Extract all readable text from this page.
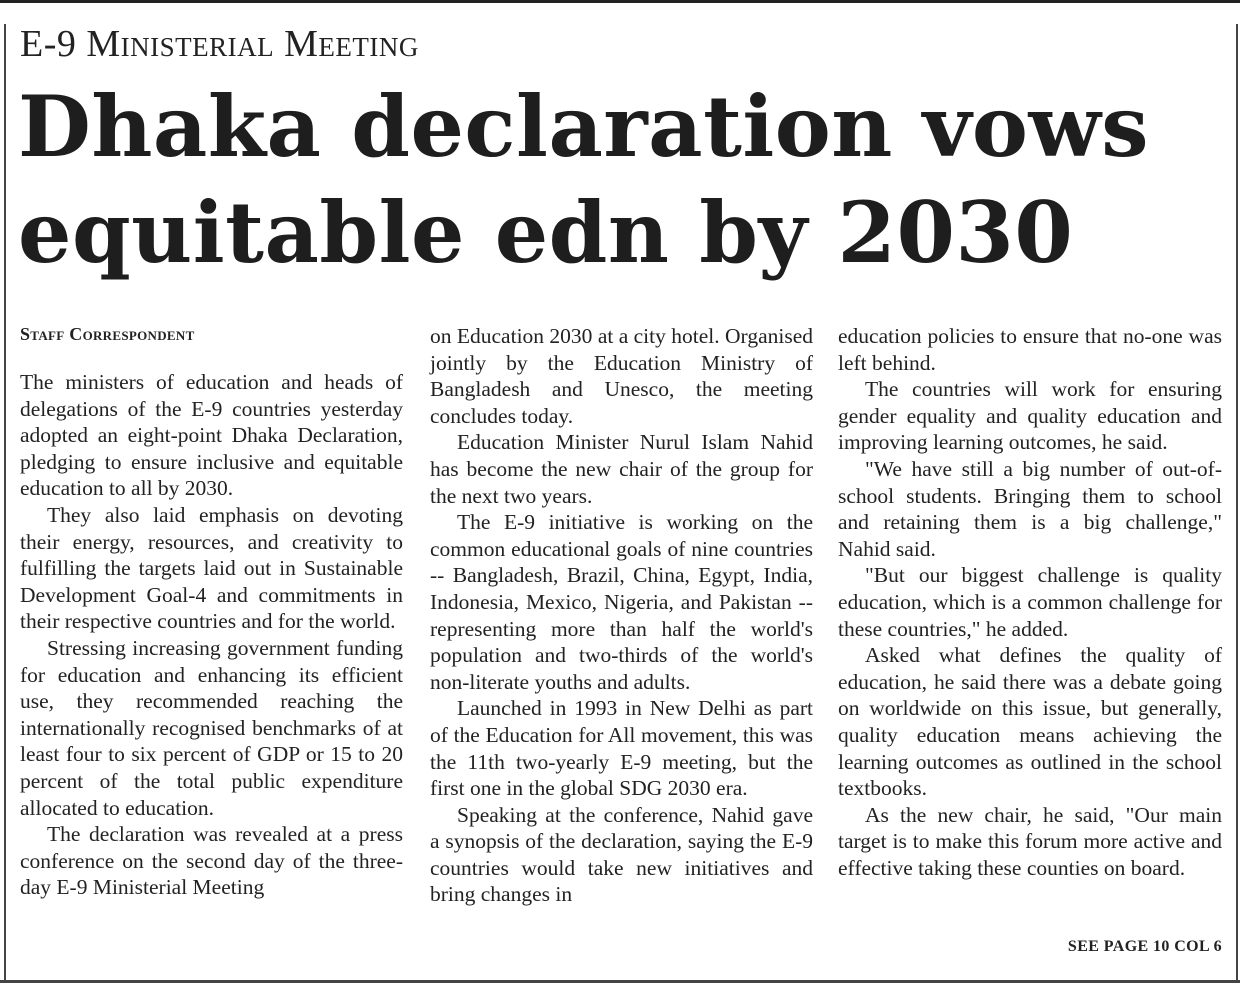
E-9 Ministerial Meeting
Dhaka declaration vows
equitable edn by 2030
Staff Correspondent

The ministers of education and heads of delegations of the E-9 countries yesterday adopted an eight-point Dhaka Declaration, pledging to ensure inclusive and equitable education to all by 2030.

They also laid emphasis on devoting their energy, resources, and creativity to fulfilling the targets laid out in Sustainable Development Goal-4 and commitments in their respective countries and for the world.

Stressing increasing government funding for education and enhancing its efficient use, they recommended reaching the internationally recognised benchmarks of at least four to six percent of GDP or 15 to 20 percent of the total public expenditure allocated to education.

The declaration was revealed at a press conference on the second day of the three-day E-9 Ministerial Meeting

on Education 2030 at a city hotel. Organised jointly by the Education Ministry of Bangladesh and Unesco, the meeting concludes today.

Education Minister Nurul Islam Nahid has become the new chair of the group for the next two years.

The E-9 initiative is working on the common educational goals of nine countries -- Bangladesh, Brazil, China, Egypt, India, Indonesia, Mexico, Nigeria, and Pakistan -- representing more than half the world's population and two-thirds of the world's non-literate youths and adults.

Launched in 1993 in New Delhi as part of the Education for All movement, this was the 11th two-yearly E-9 meeting, but the first one in the global SDG 2030 era.

Speaking at the conference, Nahid gave a synopsis of the declaration, saying the E-9 countries would take new initiatives and bring changes in

education policies to ensure that no-one was left behind.

The countries will work for ensuring gender equality and quality education and improving learning outcomes, he said.

"We have still a big number of out-of-school students. Bringing them to school and retaining them is a big challenge," Nahid said.

"But our biggest challenge is quality education, which is a common challenge for these countries," he added.

Asked what defines the quality of education, he said there was a debate going on worldwide on this issue, but generally, quality education means achieving the learning outcomes as outlined in the school textbooks.

As the new chair, he said, "Our main target is to make this forum more active and effective taking these counties on board.

SEE PAGE 10 COL 6
